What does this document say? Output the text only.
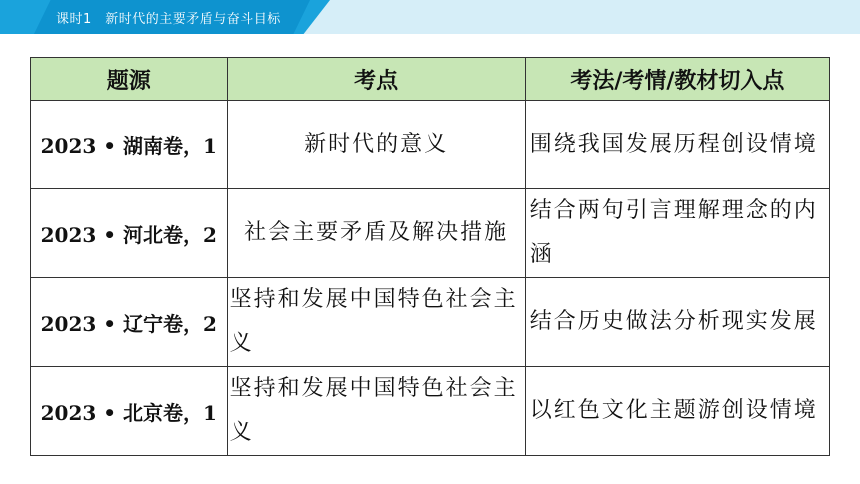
课时1　新时代的主要矛盾与奋斗目标
题源	考点	考法/考情/教材切入点
2023 • 湖南卷，1	新时代的意义	围绕我国发展历程创设情境

2023 • 河北卷，2	社会主要矛盾及解决措施	结合两句引言理解理念的内涵

2023 • 辽宁卷，2	坚持和发展中国特色社会主义	结合历史做法分析现实发展

2023 • 北京卷，1	坚持和发展中国特色社会主义	以红色文化主题游创设情境
